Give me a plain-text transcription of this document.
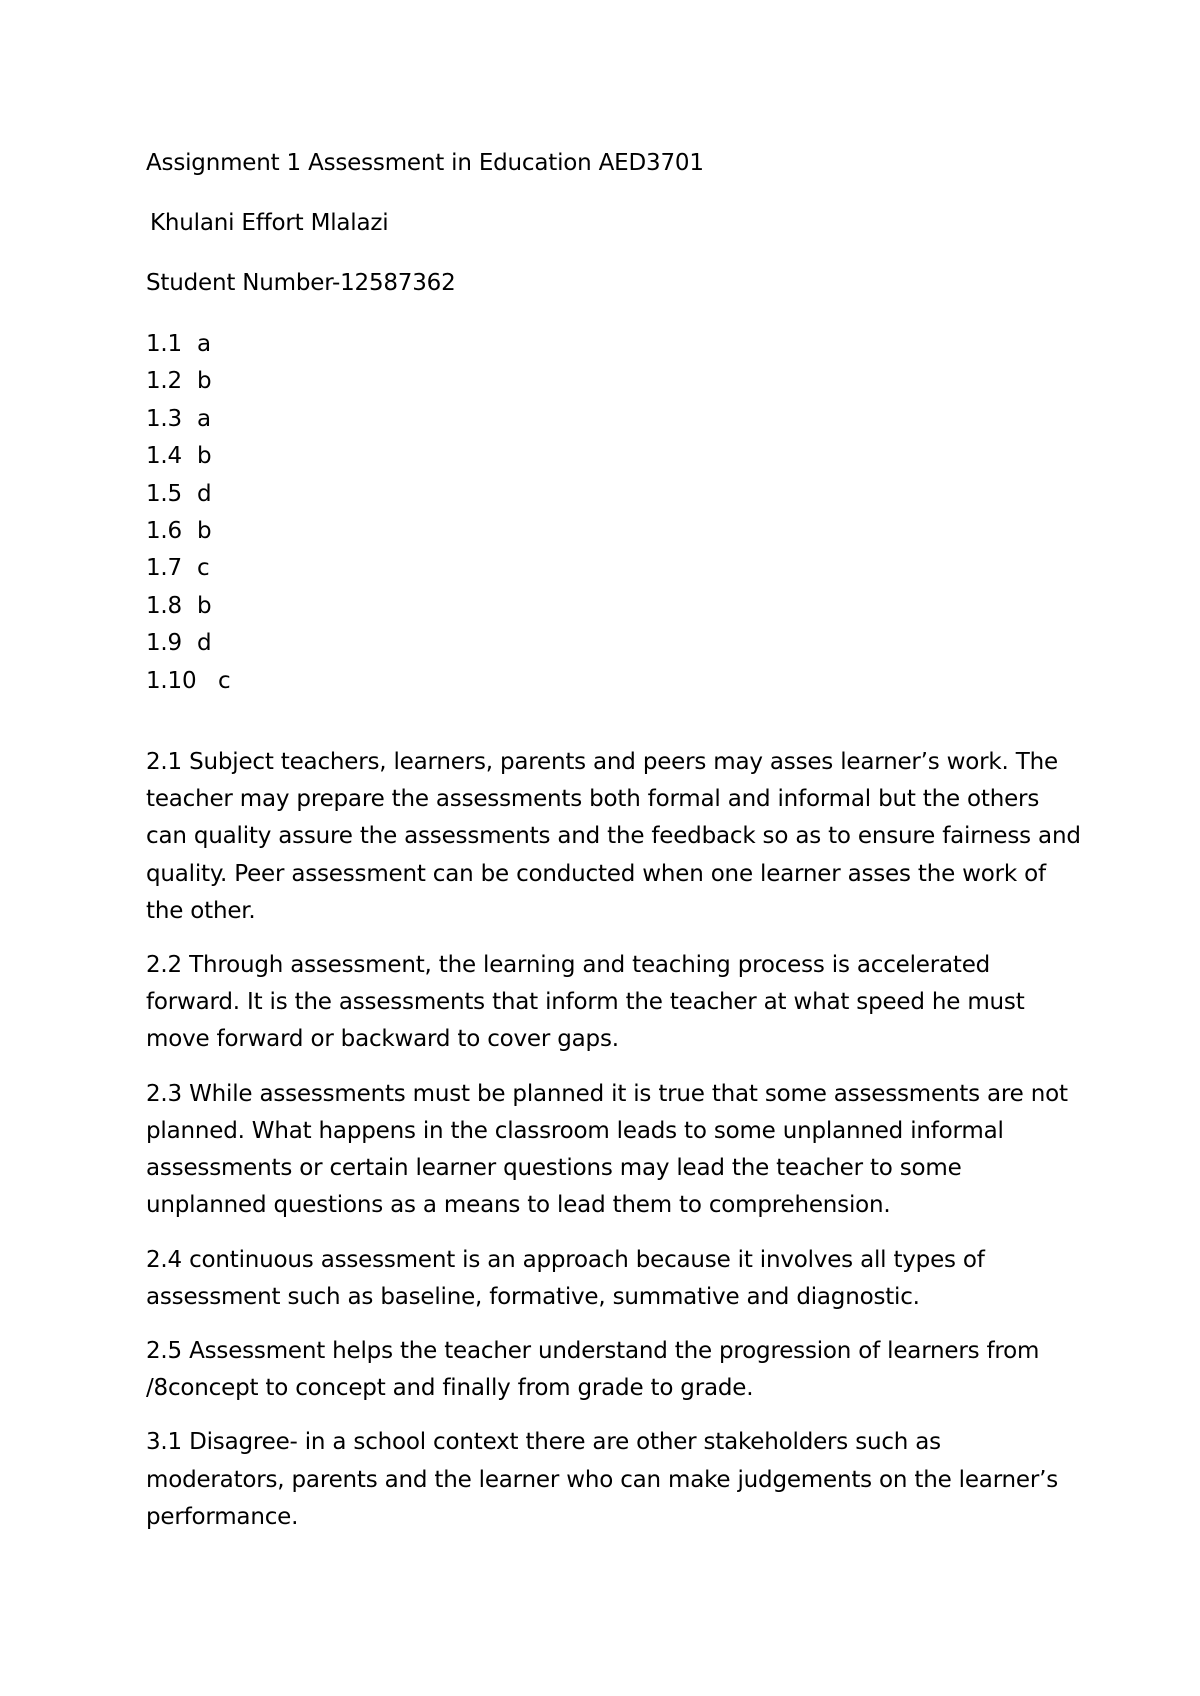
Assignment 1 Assessment in Education AED3701

Khulani Effort Mlalazi

Student Number-12587362

1.1 a
1.2 b
1.3 a
1.4 b
1.5 d
1.6 b
1.7 c
1.8 b
1.9 d
1.10 c

2.1 Subject teachers, learners, parents and peers may asses learner’s work. The teacher may prepare the assessments both formal and informal but the others can quality assure the assessments and the feedback so as to ensure fairness and quality. Peer assessment can be conducted when one learner asses the work of the other.

2.2 Through assessment, the learning and teaching process is accelerated forward. It is the assessments that inform the teacher at what speed he must move forward or backward to cover gaps.

2.3 While assessments must be planned it is true that some assessments are not planned. What happens in the classroom leads to some unplanned informal assessments or certain learner questions may lead the teacher to some unplanned questions as a means to lead them to comprehension.

2.4 continuous assessment is an approach because it involves all types of assessment such as baseline, formative, summative and diagnostic.

2.5 Assessment helps the teacher understand the progression of learners from /8concept to concept and finally from grade to grade.

3.1 Disagree- in a school context there are other stakeholders such as moderators, parents and the learner who can make judgements on the learner’s performance.
